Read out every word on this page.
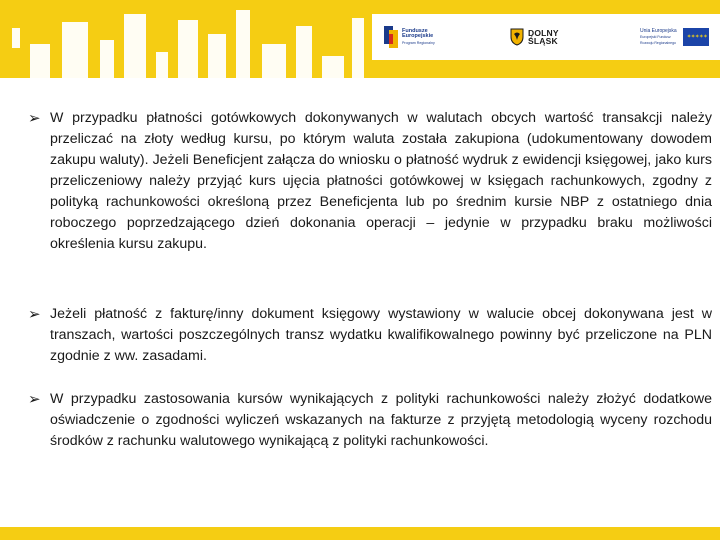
Fundusze
Europejskie
Program Regionalny
DOLNY
ŚLĄSK
Unia Europejska
Europejski Fundusz
Rozwoju Regionalnego
✶✶✶✶✶
➢ W przypadku płatności gotówkowych dokonywanych w walutach obcych wartość transakcji należy przeliczać na złoty według kursu, po którym waluta została zakupiona (udokumentowany dowodem zakupu waluty). Jeżeli Beneficjent załącza do wniosku o płatność wydruk z ewidencji księgowej, jako kurs przeliczeniowy należy przyjąć kurs ujęcia płatności gotówkowej w księgach rachunkowych, zgodny z polityką rachunkowości określoną przez Beneficjenta lub po średnim kursie NBP z ostatniego dnia roboczego poprzedzającego dzień dokonania operacji – jedynie w przypadku braku możliwości określenia kursu zakupu.

➢ Jeżeli płatność z fakturę/inny dokument księgowy wystawiony w walucie obcej dokonywana jest w transzach, wartości poszczególnych transz wydatku kwalifikowalnego powinny być przeliczone na PLN zgodnie z ww. zasadami.

➢ W przypadku zastosowania kursów wynikających z polityki rachunkowości należy złożyć dodatkowe oświadczenie o zgodności wyliczeń wskazanych na fakturze z przyjętą metodologią wyceny rozchodu środków z rachunku walutowego wynikającą z polityki rachunkowości.
